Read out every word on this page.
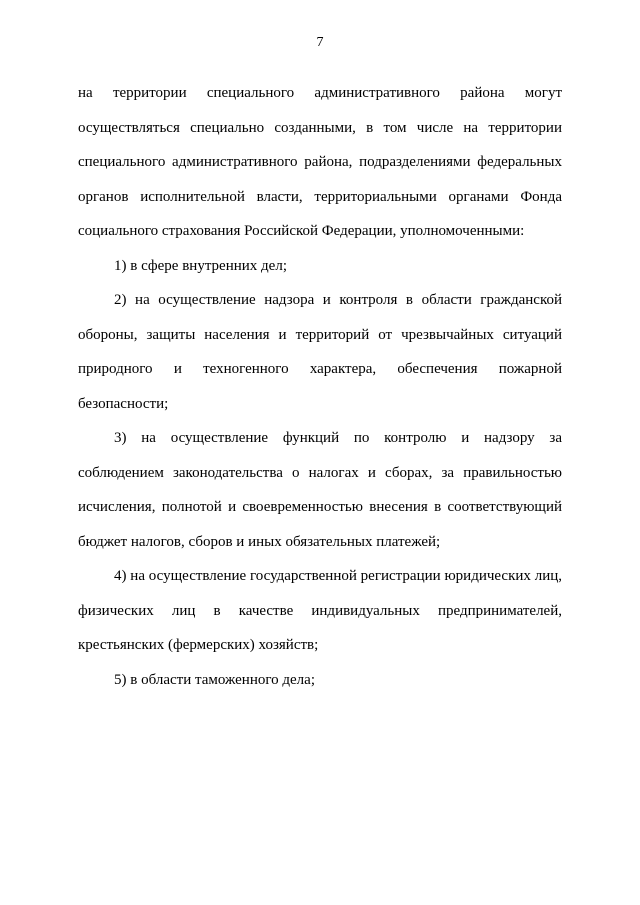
7

на территории специального административного района могут осуществляться специально созданными, в том числе на территории специального административного района, подразделениями федеральных органов исполнительной власти, территориальными органами Фонда социального страхования Российской Федерации, уполномоченными:

1) в сфере внутренних дел;

2) на осуществление надзора и контроля в области гражданской обороны, защиты населения и территорий от чрезвычайных ситуаций природного и техногенного характера, обеспечения пожарной безопасности;

3) на осуществление функций по контролю и надзору за соблюдением законодательства о налогах и сборах, за правильностью исчисления, полнотой и своевременностью внесения в соответствующий бюджет налогов, сборов и иных обязательных платежей;

4) на осуществление государственной регистрации юридических лиц, физических лиц в качестве индивидуальных предпринимателей, крестьянских (фермерских) хозяйств;

5) в области таможенного дела;
